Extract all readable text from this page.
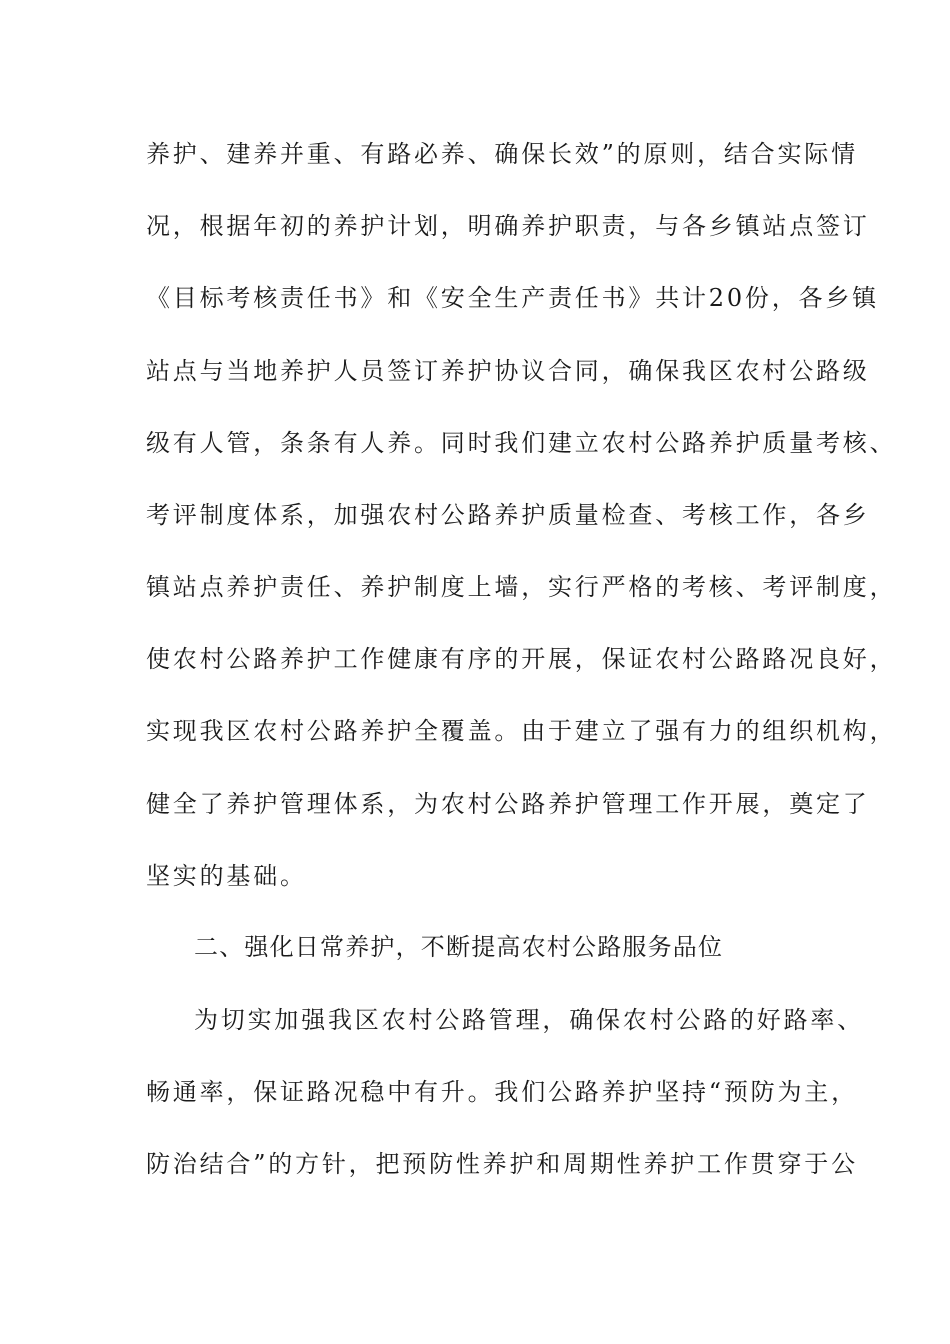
养护、建养并重、有路必养、确保长效”的原则，结合实际情
况，根据年初的养护计划，明确养护职责，与各乡镇站点签订
《目标考核责任书》和《安全生产责任书》共计20份，各乡镇
站点与当地养护人员签订养护协议合同，确保我区农村公路级
级有人管，条条有人养。同时我们建立农村公路养护质量考核、
考评制度体系，加强农村公路养护质量检查、考核工作，各乡
镇站点养护责任、养护制度上墙，实行严格的考核、考评制度，
使农村公路养护工作健康有序的开展，保证农村公路路况良好，
实现我区农村公路养护全覆盖。由于建立了强有力的组织机构，
健全了养护管理体系，为农村公路养护管理工作开展，奠定了
坚实的基础。
二、强化日常养护，不断提高农村公路服务品位
为切实加强我区农村公路管理，确保农村公路的好路率、
畅通率，保证路况稳中有升。我们公路养护坚持“预防为主，
防治结合”的方针，把预防性养护和周期性养护工作贯穿于公
